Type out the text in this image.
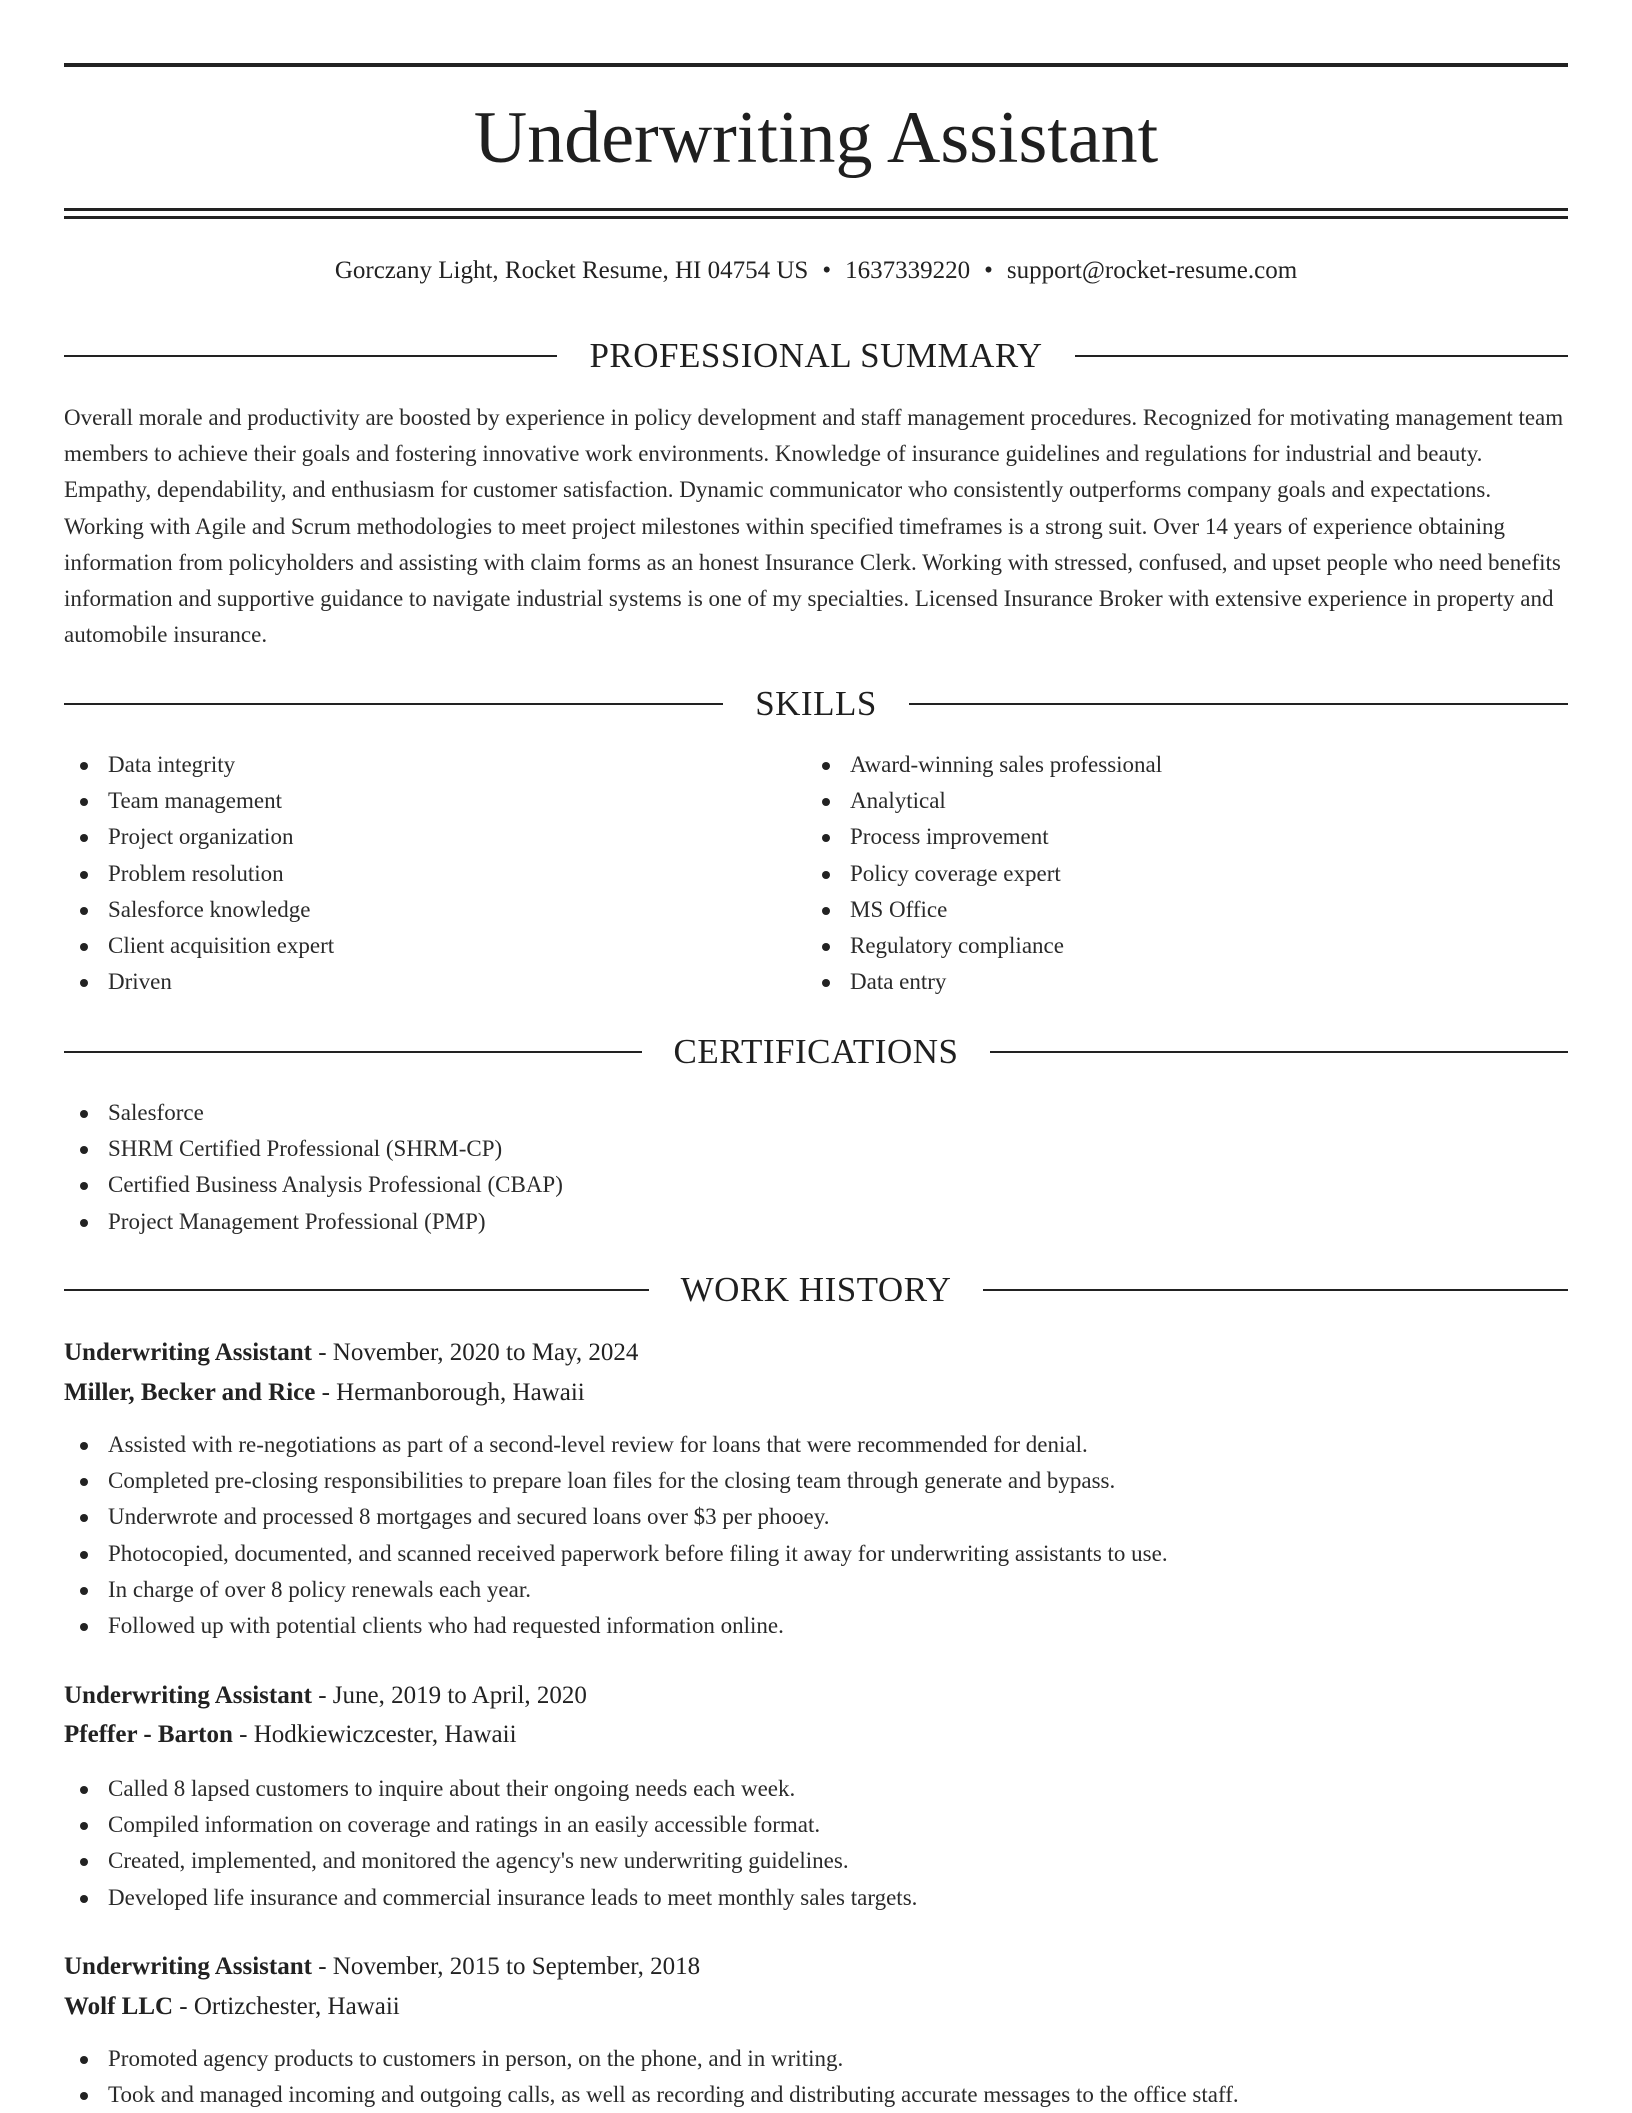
Underwriting Assistant
Gorczany Light, Rocket Resume, HI 04754 US • 1637339220 • support@rocket-resume.com
PROFESSIONAL SUMMARY

Overall morale and productivity are boosted by experience in policy development and staff management procedures. Recognized for motivating management team members to achieve their goals and fostering innovative work environments. Knowledge of insurance guidelines and regulations for industrial and beauty. Empathy, dependability, and enthusiasm for customer satisfaction. Dynamic communicator who consistently outperforms company goals and expectations. Working with Agile and Scrum methodologies to meet project milestones within specified timeframes is a strong suit. Over 14 years of experience obtaining information from policyholders and assisting with claim forms as an honest Insurance Clerk. Working with stressed, confused, and upset people who need benefits information and supportive guidance to navigate industrial systems is one of my specialties. Licensed Insurance Broker with extensive experience in property and automobile insurance.

SKILLS
Data integrity
Team management
Project organization
Problem resolution
Salesforce knowledge
Client acquisition expert
Driven
Award-winning sales professional
Analytical
Process improvement
Policy coverage expert
MS Office
Regulatory compliance
Data entry
CERTIFICATIONS
Salesforce
SHRM Certified Professional (SHRM-CP)
Certified Business Analysis Professional (CBAP)
Project Management Professional (PMP)
WORK HISTORY
Underwriting Assistant - November, 2020 to May, 2024
Miller, Becker and Rice - Hermanborough, Hawaii
Assisted with re-negotiations as part of a second-level review for loans that were recommended for denial.
Completed pre-closing responsibilities to prepare loan files for the closing team through generate and bypass.
Underwrote and processed 8 mortgages and secured loans over $3 per phooey.
Photocopied, documented, and scanned received paperwork before filing it away for underwriting assistants to use.
In charge of over 8 policy renewals each year.
Followed up with potential clients who had requested information online.
Underwriting Assistant - June, 2019 to April, 2020
Pfeffer - Barton - Hodkiewiczcester, Hawaii
Called 8 lapsed customers to inquire about their ongoing needs each week.
Compiled information on coverage and ratings in an easily accessible format.
Created, implemented, and monitored the agency's new underwriting guidelines.
Developed life insurance and commercial insurance leads to meet monthly sales targets.
Underwriting Assistant - November, 2015 to September, 2018
Wolf LLC - Ortizchester, Hawaii
Promoted agency products to customers in person, on the phone, and in writing.
Took and managed incoming and outgoing calls, as well as recording and distributing accurate messages to the office staff.
